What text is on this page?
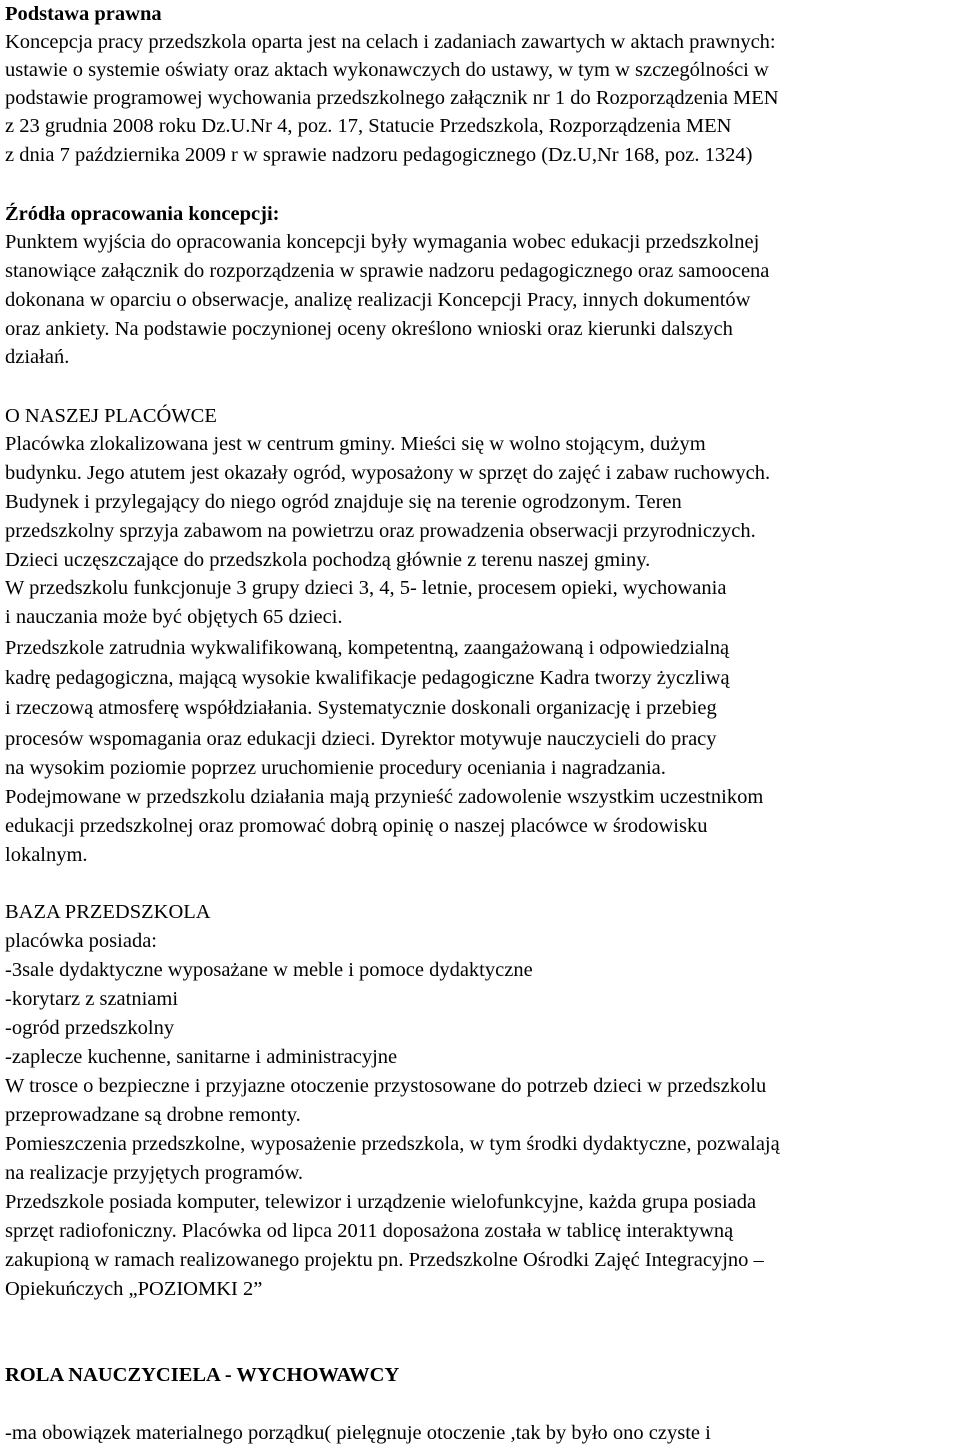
Podstawa prawna
Koncepcja pracy przedszkola oparta jest na celach i zadaniach zawartych w aktach prawnych:
ustawie o systemie oświaty oraz aktach wykonawczych do ustawy, w tym w szczególności w
podstawie programowej wychowania przedszkolnego załącznik nr 1 do Rozporządzenia MEN
z 23 grudnia 2008 roku Dz.U.Nr 4, poz. 17, Statucie Przedszkola, Rozporządzenia MEN
z dnia 7 października 2009 r w sprawie nadzoru pedagogicznego (Dz.U,Nr 168, poz. 1324)
Źródła opracowania koncepcji:
Punktem wyjścia do opracowania koncepcji były wymagania wobec edukacji przedszkolnej
stanowiące załącznik do rozporządzenia w sprawie nadzoru pedagogicznego oraz samoocena
dokonana w oparciu o obserwacje, analizę realizacji Koncepcji Pracy, innych dokumentów
oraz ankiety. Na podstawie poczynionej oceny określono wnioski oraz kierunki dalszych
działań.
O NASZEJ PLACÓWCE
Placówka zlokalizowana jest w centrum gminy. Mieści się w wolno stojącym, dużym
budynku. Jego atutem jest okazały ogród, wyposażony w sprzęt do zajęć i zabaw ruchowych.
Budynek i przylegający do niego ogród znajduje się na terenie ogrodzonym. Teren
przedszkolny sprzyja zabawom na powietrzu oraz prowadzenia obserwacji przyrodniczych.
Dzieci uczęszczające do przedszkola pochodzą głównie z terenu naszej gminy.
W przedszkolu funkcjonuje 3 grupy dzieci 3, 4, 5- letnie, procesem opieki, wychowania
i nauczania może być objętych 65 dzieci.
Przedszkole zatrudnia wykwalifikowaną, kompetentną, zaangażowaną i odpowiedzialną
kadrę pedagogiczna, mającą wysokie kwalifikacje pedagogiczne Kadra tworzy życzliwą
i rzeczową atmosferę współdziałania. Systematycznie doskonali organizację i przebieg
procesów wspomagania oraz edukacji dzieci. Dyrektor motywuje nauczycieli do pracy
na wysokim poziomie poprzez uruchomienie procedury oceniania i nagradzania.
Podejmowane w przedszkolu działania mają przynieść zadowolenie wszystkim uczestnikom
edukacji przedszkolnej oraz promować dobrą opinię o naszej placówce w środowisku
lokalnym.
BAZA PRZEDSZKOLA
placówka posiada:
-3sale dydaktyczne wyposażane w meble i pomoce dydaktyczne
-korytarz z szatniami
-ogród przedszkolny
-zaplecze kuchenne, sanitarne i administracyjne
W trosce o bezpieczne i przyjazne otoczenie przystosowane do potrzeb dzieci w przedszkolu
przeprowadzane są drobne remonty.
Pomieszczenia przedszkolne, wyposażenie przedszkola, w tym środki dydaktyczne, pozwalają
na realizacje przyjętych programów.
Przedszkole posiada komputer, telewizor i urządzenie wielofunkcyjne, każda grupa posiada
sprzęt radiofoniczny. Placówka od lipca 2011 doposażona została w tablicę interaktywną
zakupioną w ramach realizowanego projektu pn. Przedszkolne Ośrodki Zajęć Integracyjno –
Opiekuńczych „POZIOMKI 2”
ROLA NAUCZYCIELA - WYCHOWAWCY
-ma obowiązek materialnego porządku( pielęgnuje otoczenie ,tak by było ono czyste i
